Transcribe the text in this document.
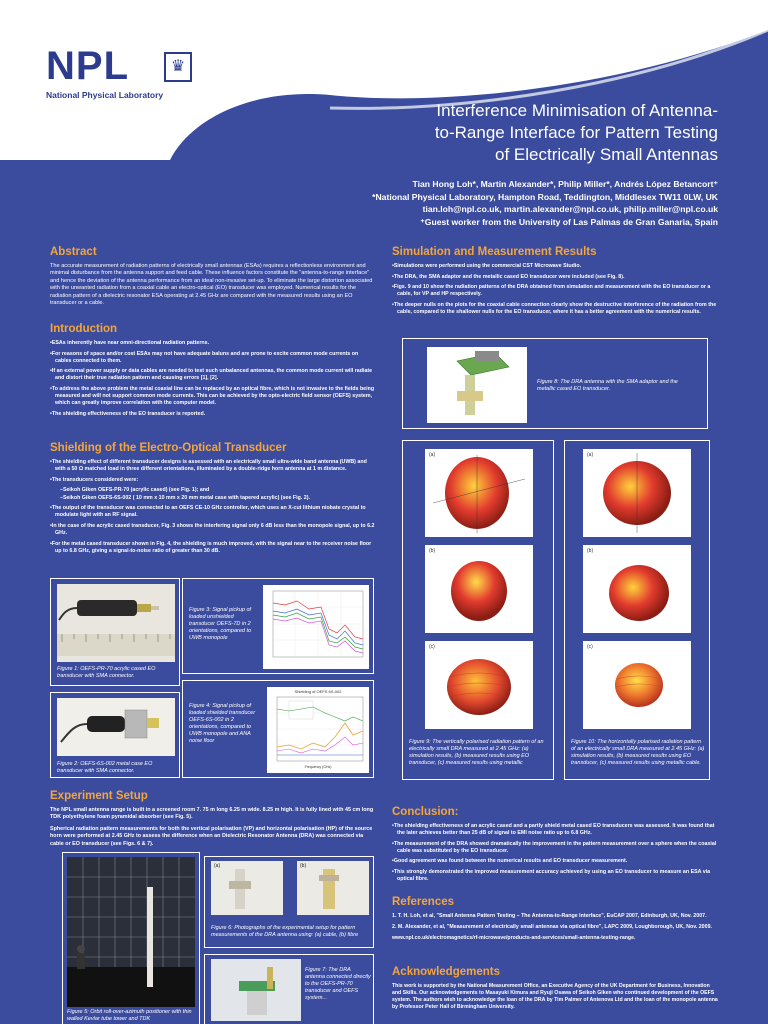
NPL	♛
National Physical Laboratory
Interference Minimisation of Antenna-
to-Range Interface for Pattern Testing
of Electrically Small Antennas
Tian Hong Loh*, Martin Alexander*, Philip Miller*, Andrés López Betancort⁺
*National Physical Laboratory, Hampton Road, Teddington, Middlesex TW11 0LW, UK
tian.loh@npl.co.uk, martin.alexander@npl.co.uk, philip.miller@npl.co.uk
⁺Guest worker from the University of Las Palmas de Gran Ganaria, Spain
Abstract

The accurate measurement of radiation patterns of electrically small antennas (ESAs) requires a reflectionless environment and minimal disturbance from the antenna support and feed cable. These influence factors constitute the "antenna-to-range interface" and hence the deviation of the antenna performance from an ideal non-invasive set-up. To eliminate the large distortion associated with the unwanted radiation from a coaxial cable an electro-optical (EO) transducer was employed. Numerical results for the radiation pattern of a dielectric resonator ESA operating at 2.45 GHz are compared with the measured results using an EO transducer or a cable.

Introduction
• ESAs inherently have near omni-directional radiation patterns.
• For reasons of space and/or cost ESAs may not have adequate baluns and are prone to excite common mode currents on cables connected to them.
• If an external power supply or data cables are needed to test such unbalanced antennas, the common mode current will radiate and distort their true radiation pattern and causing errors [1], [2].
• To address the above problem the metal coaxial line can be replaced by an optical fibre, which is not invasive to the fields being measured and will not support common mode currents. This can be achieved by the opto-electric field sensor (OEFS) system, which can greatly improve correlation with the computer model.
• The shielding effectiveness of the EO transducer is reported.
Shielding of the Electro-Optical Transducer
• The shielding effect of different transducer designs is assessed with an electrically small ultra-wide band antenna (UWB) and with a 50 Ω matched load in three different orientations, illuminated by a double-ridge horn antenna at 1 m distance.
• The transducers considered were:
– Seikoh Giken OEFS-PR-70 (acrylic cased) (see Fig. 1); and
– Seikoh Giken OEFS-6S-002 ( 10 mm x 10 mm x 20 mm metal case with tapered acrylic) (see Fig. 2).
• The output of the transducer was connected to an OEFS CE-10 GHz controller, which uses an X-cut lithium niobate crystal to modulate light with an RF signal.
• In the case of the acrylic cased transducer, Fig. 3 shows the interfering signal only 6 dB less than the monopole signal, up to 6.2 GHz.
• For the metal cased transducer shown in Fig. 4, the shielding is much improved, with the signal near to the receiver noise floor up to 6.8 GHz, giving a signal-to-noise ratio of greater than 30 dB.
Figure 1: OEFS-PR-70 acrylic cased EO transducer with SMA connector.
Figure 2: OEFS-6S-002 metal case EO transducer with SMA connector.
Figure 3: Signal pickup of loaded unshielded transducer OEFS-7D in 2 orientations, compared to UWB monopole
Figure 4: Signal pickup of loaded shielded transducer OEFS-6S-002 in 2 orientations, compared to UWB monopole and ANA noise floor
Shielding of OEFS 6S-002
Frequency (GHz)
Experiment Setup

The NPL small antenna range is built in a screened room 7. 75 m long 6.25 m wide. 8.25 m high. It is fully lined with 45 cm long TDK polyethylene foam pyramidal absorber (see Fig. 5).

Spherical radiation pattern measurements for both the vertical polarisation (VP) and horizontal polarisation (HP) of the source horn were performed at 2.45 GHz to assess the difference when an Dielectric Resonator Antenna (DRA) was connected via cable or EO transducer (see Figs. 6 & 7).

Figure 5: Orbit roll-over-azimuth positioner with thin walled Kevlar tube tower and TDK
(a)	(b)
Figure 6: Photographs of the experimental setup for pattern measurements of the DRA antenna using: (a) cable, (b) fibre
Figure 7: The DRA antenna connected directly to the OEFS-PR-70 transducer and OEFS system...
Simulation and Measurement Results
• Simulations were performed using the commercial CST Microwave Studio.
• The DRA, the SMA adaptor and the metallic cased EO transducer were included (see Fig. 8).
• Figs. 9 and 10 show the radiation patterns of the DRA obtained from simulation and measurement with the EO transducer or a cable, for VP and HP respectively.
• The deeper nulls on the plots for the coaxial cable connection clearly show the destructive interference of the radiation from the cable, compared to the shallower nulls for the EO transducer, where it has a better agreement with the numerical results.
Figure 8: The DRA antenna with the SMA adaptor and the metallic cased EO transducer.
(a)
(b)
(c)
Figure 9: The vertically polarised radiation pattern of an electrically small DRA measured at 2.45 GHz: (a) simulation results, (b) measured results using EO transducer, (c) measured results using metallic
(a)
(b)
(c)
Figure 10: The horizontally polarised radiation pattern of an electrically small DRA measured at 2.45 GHz: (a) simulation results, (b) measured results using EO transducer, (c) measured results using metallic cable.
Conclusion:
• The shielding effectiveness of an acrylic cased and a partly shield metal cased EO transducers was assessed. It was found that the later achieves better than 25 dB of signal to EMI noise ratio up to 6.8 GHz.
• The measurement of the DRA showed dramatically the improvement in the pattern measurement over a sphere when the coaxial cable was substituted by the EO transducer.
• Good agreement was found between the numerical results and EO transducer measurement.
• This strongly demonstrated the improved measurement accuracy achieved by using an EO transducer to measure an ESA via optical fibre.
References
1. T. H. Loh, et al, "Small Antenna Pattern Testing – The Antenna-to-Range Interface", EuCAP 2007, Edinburgh, UK, Nov. 2007.
2. M. Alexander, et al, "Measurement of electrically small antennas via optical fibre", LAPC 2009, Loughborough, UK, Nov. 2009.
www.npl.co.uk/electromagnetics/rf-microwave/products-and-services/small-antenna-testing-range.
Acknowledgements

This work is supported by the National Measurement Office, an Executive Agency of the UK Department for Business, Innovation and Skills. Our acknowledgements to Masayuki Kimura and Ryuji Osawa of Seikoh Giken who continued development of the OEFS system. The authors wish to acknowledge the loan of the DRA by Tim Palmer of Antenova Ltd and the loan of the monopole antenna by Professor Peter Hall of Birmingham University.
